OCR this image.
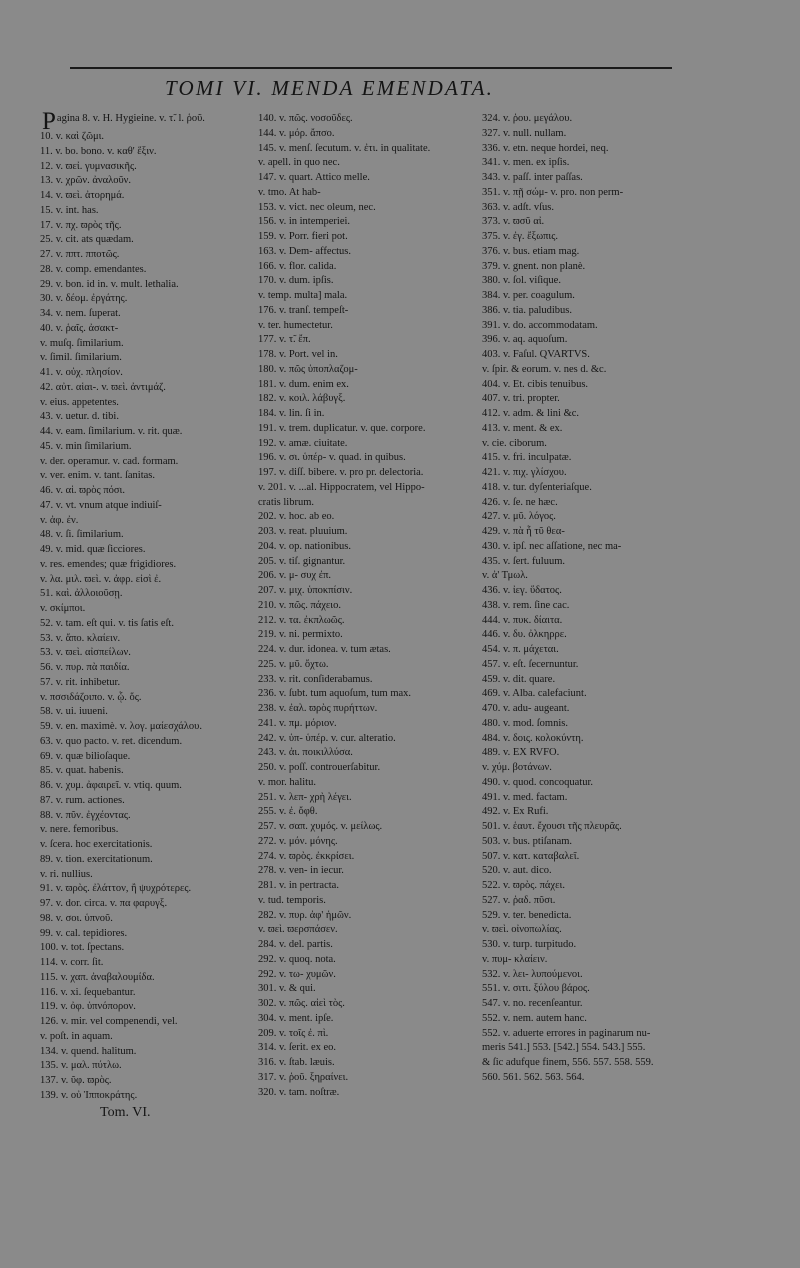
TOMI VI. MENDA EMENDATA.
Pagina 8. v. H. Hygieine. v. τ̃. l. ῥοῦ.
10. v. καὶ ζῶμι.
11. v. bo. bono. v. καθ' ἕξιν.
12. v. ϖεἰ. γυμνασικῆς.
13. v. χρῶν. ἀναλοῦν.
14. v. ϖεὶ. ἀτορημά.
15. v. int. has.
17. v. πχ. ϖρὸς τῆς.
25. v. cit. ats quædam.
27. v. ππτ. πποτῶς.
28. v. comp. emendantes.
29. v. bon. id in. v. mult. lethalia.
30. v. δέομ. ἐργάτης.
34. v. nem. ſuperat.
40. v. ῥαῖς. ἀσακτ-
v. muſq. ſimilarium.
v. ſimil. ſimilarium.
41. v. οὐχ. πλησίον.
42. αὐτ. αἱαι-. v. ϖεὶ. ἀντιμάζ.
v. eius. appetentes.
43. v. uetur. d. tibi.
44. v. eam. ſimilarium. v. rit. quæ.
45. v. min ſimilarium.
v. der. operamur. v. cad. formam.
v. ver. enim. v. tant. ſanitas.
46. v. αἱ. ϖρὸς πόσι.
47. v. vt. vnum atque indiuiſ-
v. ἀφ. ἐν.
48. v. ſi. ſimilarium.
49. v. mid. quæ ſicciores.
v. res. emendes; quæ frigidiores.
v. λα. μιλ. ϖεὶ. v. ἀφρ. εἰσὶ ἐ.
51. καὶ. ἀλλοιοῦσῃ.
v. σκίμποι.
52. v. tam. eſt qui. v. tis ſatis eſt.
53. v. ἄπο. κλαίειν.
53. v. ϖεὶ. αἰσπείλων.
56. v. πυρ. πὰ παιδία.
57. v. rit. inhibetur.
v. πσσιδάζοιπο. v. ᾧ. ὅς.
58. v. ui. iuueni.
59. v. en. maximè. v. λογ. μαίεσχάλου.
63. v. quo pacto. v. ret. dicendum.
69. v. quæ bilioſaque.
85. v. quat. habenis.
86. v. χυμ. ἀφαιρεῖ. v. vtiq. quum.
87. v. rum. actiones.
88. v. πῦν. ἐγχέοντας.
v. nere. femoribus.
v. ſcera. hoc exercitationis.
89. v. tion. exercitationum.
v. ri. nullius.
91. v. ϖρὸς. ἐλάττον, ἢ ψυχρότερες.
97. v. dor. circa. v. πα φαρυγξ.
98. v. σοι. ὑπνοῦ.
99. v. cal. tepidiores.
100. v. tot. ſpectans.
114. v. corr. ſit.
115. v. χαπ. ἀναβαλουμίδα.
116. v. xi. ſequebantur.
119. v. ὀφ. ὑπνόπορον.
126. v. mir. vel compenendi, vel.
v. poſt. in aquam.
134. v. quend. halitum.
135. v. μαλ. πύτλω.
137. v. ῦφ. ϖρὸς.
139. v. οὐ Ἱπποκράτης.
140. v. πῶς. νοσοῦδες.
144. v. μόρ. ἄπσο.
145. v. menſ. ſecutum. v. ἐτι. in qualitate.
v. apell. in quo nec.
147. v. quart. Attico melle.
v. tmo. At hab-
153. v. vict. nec oleum, nec.
156. v. in intemperiei.
159. v. Porr. fieri pot.
163. v. Dem- affectus.
166. v. flor. calida.
170. v. dum. ipſis.
v. temp. multa] mala.
176. v. tranſ. tempeſt-
v. ter. humectetur.
177. v. τ̃. ἔπ.
178. v. Port. vel in.
180. v. πῶς ὑποπλαζομ-
181. v. dum. enim ex.
182. v. κοιλ. λάβυγξ.
184. v. lin. ſi in.
191. v. trem. duplicatur. v. que. corpore.
192. v. amæ. ciuitate.
196. v. σι. ὑπέρ- v. quad. in quibus.
197. v. diſſ. bibere. v. pro pr. delectoria.
v. 201. v. ...al. Hippocratem, vel Hippo-
cratis librum.
202. v. hoc. ab eo.
203. v. reat. pluuium.
204. v. op. nationibus.
205. v. tiſ. gignantur.
206. v. μ- συχ ἐπ.
207. v. μιχ. ὑποκπίσιν.
210. v. πῶς. πάχειο.
212. v. τα. ἐκπλωῶς.
219. v. ni. permixto.
224. v. dur. idonea. v. tum ætas.
225. v. μῦ. ὄχτω.
233. v. rit. conſiderabamus.
236. v. ſubt. tum aquoſum, tum max.
238. v. ἐαλ. ϖρὸς πυρήττων.
241. v. πμ. μόριον.
242. v. ὑπ- ὑπέρ. v. cur. alteratio.
243. v. ἀι. ποικιλλύσα.
250. v. poſſ. controuerſabitur.
v. mor. halitu.
251. v. λεπ- χρὴ λέγει.
255. v. ἐ. ὄφθ.
257. v. σαπ. χυμός. v. μείλως.
272. v. μόν. μόνης.
274. v. ϖρὸς. ἐκκρίσει.
278. v. ven- in iecur.
281. v. in pertracta.
v. tud. temporis.
282. v. πυρ. ἀφ' ἡμῶν.
v. ϖεὶ. ϖερσπάσεν.
284. v. del. partis.
292. v. quoq. nota.
292. v. τω- χυμῶν.
301. v. & qui.
302. v. πῶς. αἰεὶ τὸς.
304. v. ment. ipſe.
209. v. τοῖς ἐ. πὶ.
314. v. ſerit. ex eo.
316. v. ſtab. læuis.
317. v. ῥοῦ. ξηραίνει.
320. v. tam. noſtræ.
324. v. ῥου. μεγάλου.
327. v. null. nullam.
336. v. etn. neque hordei, neq.
341. v. men. ex ipſis.
343. v. paſſ. inter paſſas.
351. v. πῇ σώμ- v. pro. non perm-
363. v. adſt. vſus.
373. v. ϖσῦ αἰ.
375. v. ἐγ. ἔξωπις.
376. v. bus. etiam mag.
379. v. gnent. non planè.
380. v. ſol. viſique.
384. v. per. coagulum.
386. v. tia. paludibus.
391. v. do. accommodatam.
396. v. aq. aquoſum.
403. v. Faſul. QVARTVS.
v. ſpir. & eorum. v. nes d. &c.
404. v. Et. cibis tenuibus.
407. v. tri. propter.
412. v. adm. & lini &c.
413. v. ment. & ex.
v. cie. ciborum.
415. v. fri. inculpatæ.
421. v. πιχ. γλίσχου.
418. v. tur. dyſenteriaſque.
426. v. ſe. ne hæc.
427. v. μῦ. λόγος.
429. v. πὰ ἧ τῦ θεα-
430. v. ipſ. nec aſſatione, nec ma-
435. v. ſert. fuluum.
v. ἀ' Τμωλ.
436. v. ἰεγ. ὕδατος.
438. v. rem. ſine cac.
444. v. πυκ. δίαιτα.
446. v. δυ. ὀλκηρρε.
454. v. π. μάχεται.
457. v. eſt. ſecernuntur.
459. v. dit. quare.
469. v. Alba. calefaciunt.
470. v. adu- augeant.
480. v. mod. ſomnis.
484. v. δοις. κολοκύντη.
489. v. EX RVFO.
v. χύμ. βοτάνων.
490. v. quod. concoquatur.
491. v. med. factam.
492. v. Ex Rufi.
501. v. ἑαυτ. ἔχουσι τῆς πλευρᾶς.
503. v. bus. ptiſanam.
507. v. κατ. καταβαλεῖ.
520. v. aut. dico.
522. v. ϖρὸς. πάχει.
527. v. ῥαδ. πῦσι.
529. v. ter. benedicta.
v. ϖεὶ. οἰνοπωλίας.
530. v. turp. turpitudo.
v. πυμ- κλαίειν.
532. v. λει- λυπούμενοι.
551. v. σιτι. ξύλου βάρος.
547. v. no. recenſeantur.
552. v. nem. autem hanc.
552. v. aduerte errores in paginarum nu-
meris 541.] 553. [542.] 554. 543.] 555.
& ſic adufque finem, 556. 557. 558. 559.
560. 561. 562. 563. 564.
Tom. VI.
